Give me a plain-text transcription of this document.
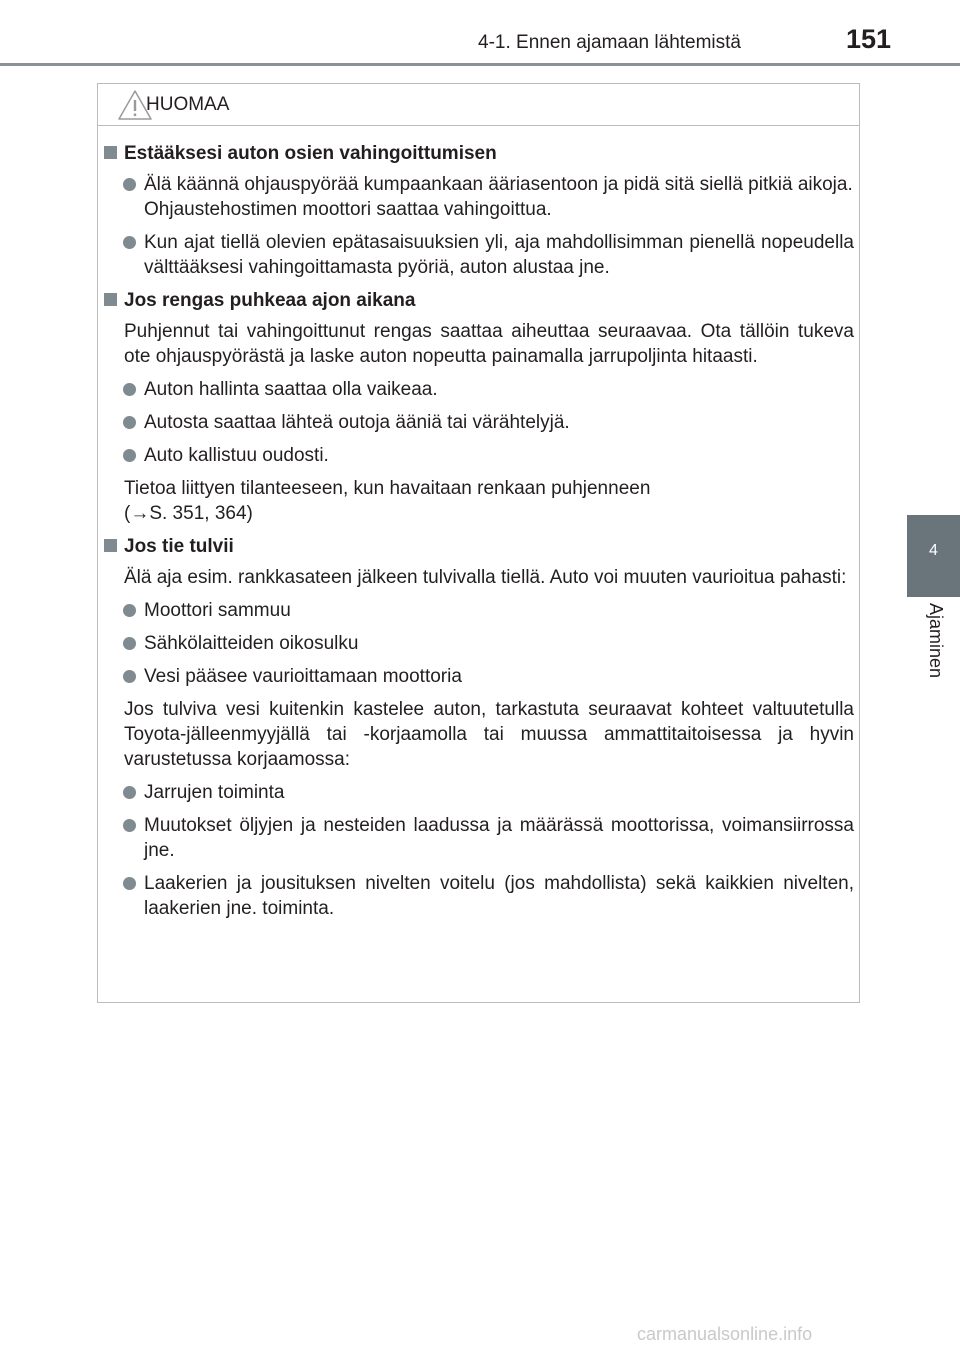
4-1. Ennen ajamaan lähtemistä	151
4
Ajaminen
HUOMAA
Estääksesi auton osien vahingoittumisen
Älä käännä ohjauspyörää kumpaankaan ääriasentoon ja pidä sitä siellä pitkiä aikoja.
Ohjaustehostimen moottori saattaa vahingoittua.
Kun ajat tiellä olevien epätasaisuuksien yli, aja mahdollisimman pienellä nopeudella välttääksesi vahingoittamasta pyöriä, auton alustaa jne.
Jos rengas puhkeaa ajon aikana
Puhjennut tai vahingoittunut rengas saattaa aiheuttaa seuraavaa. Ota tällöin tukeva ote ohjauspyörästä ja laske auton nopeutta painamalla jarrupoljinta hitaasti.
Auton hallinta saattaa olla vaikeaa.
Autosta saattaa lähteä outoja ääniä tai värähtelyjä.
Auto kallistuu oudosti.
Tietoa liittyen tilanteeseen, kun havaitaan renkaan puhjenneen
(→S. 351, 364)
Jos tie tulvii
Älä aja esim. rankkasateen jälkeen tulvivalla tiellä. Auto voi muuten vaurioitua pahasti:
Moottori sammuu
Sähkölaitteiden oikosulku
Vesi pääsee vaurioittamaan moottoria
Jos tulviva vesi kuitenkin kastelee auton, tarkastuta seuraavat kohteet valtuutetulla Toyota-jälleenmyyjällä tai -korjaamolla tai muussa ammattitaitoisessa ja hyvin varustetussa korjaamossa:
Jarrujen toiminta
Muutokset öljyjen ja nesteiden laadussa ja määrässä moottorissa, voimansiirrossa jne.
Laakerien ja jousituksen nivelten voitelu (jos mahdollista) sekä kaikkien nivelten, laakerien jne. toiminta.
carmanualsonline.info
